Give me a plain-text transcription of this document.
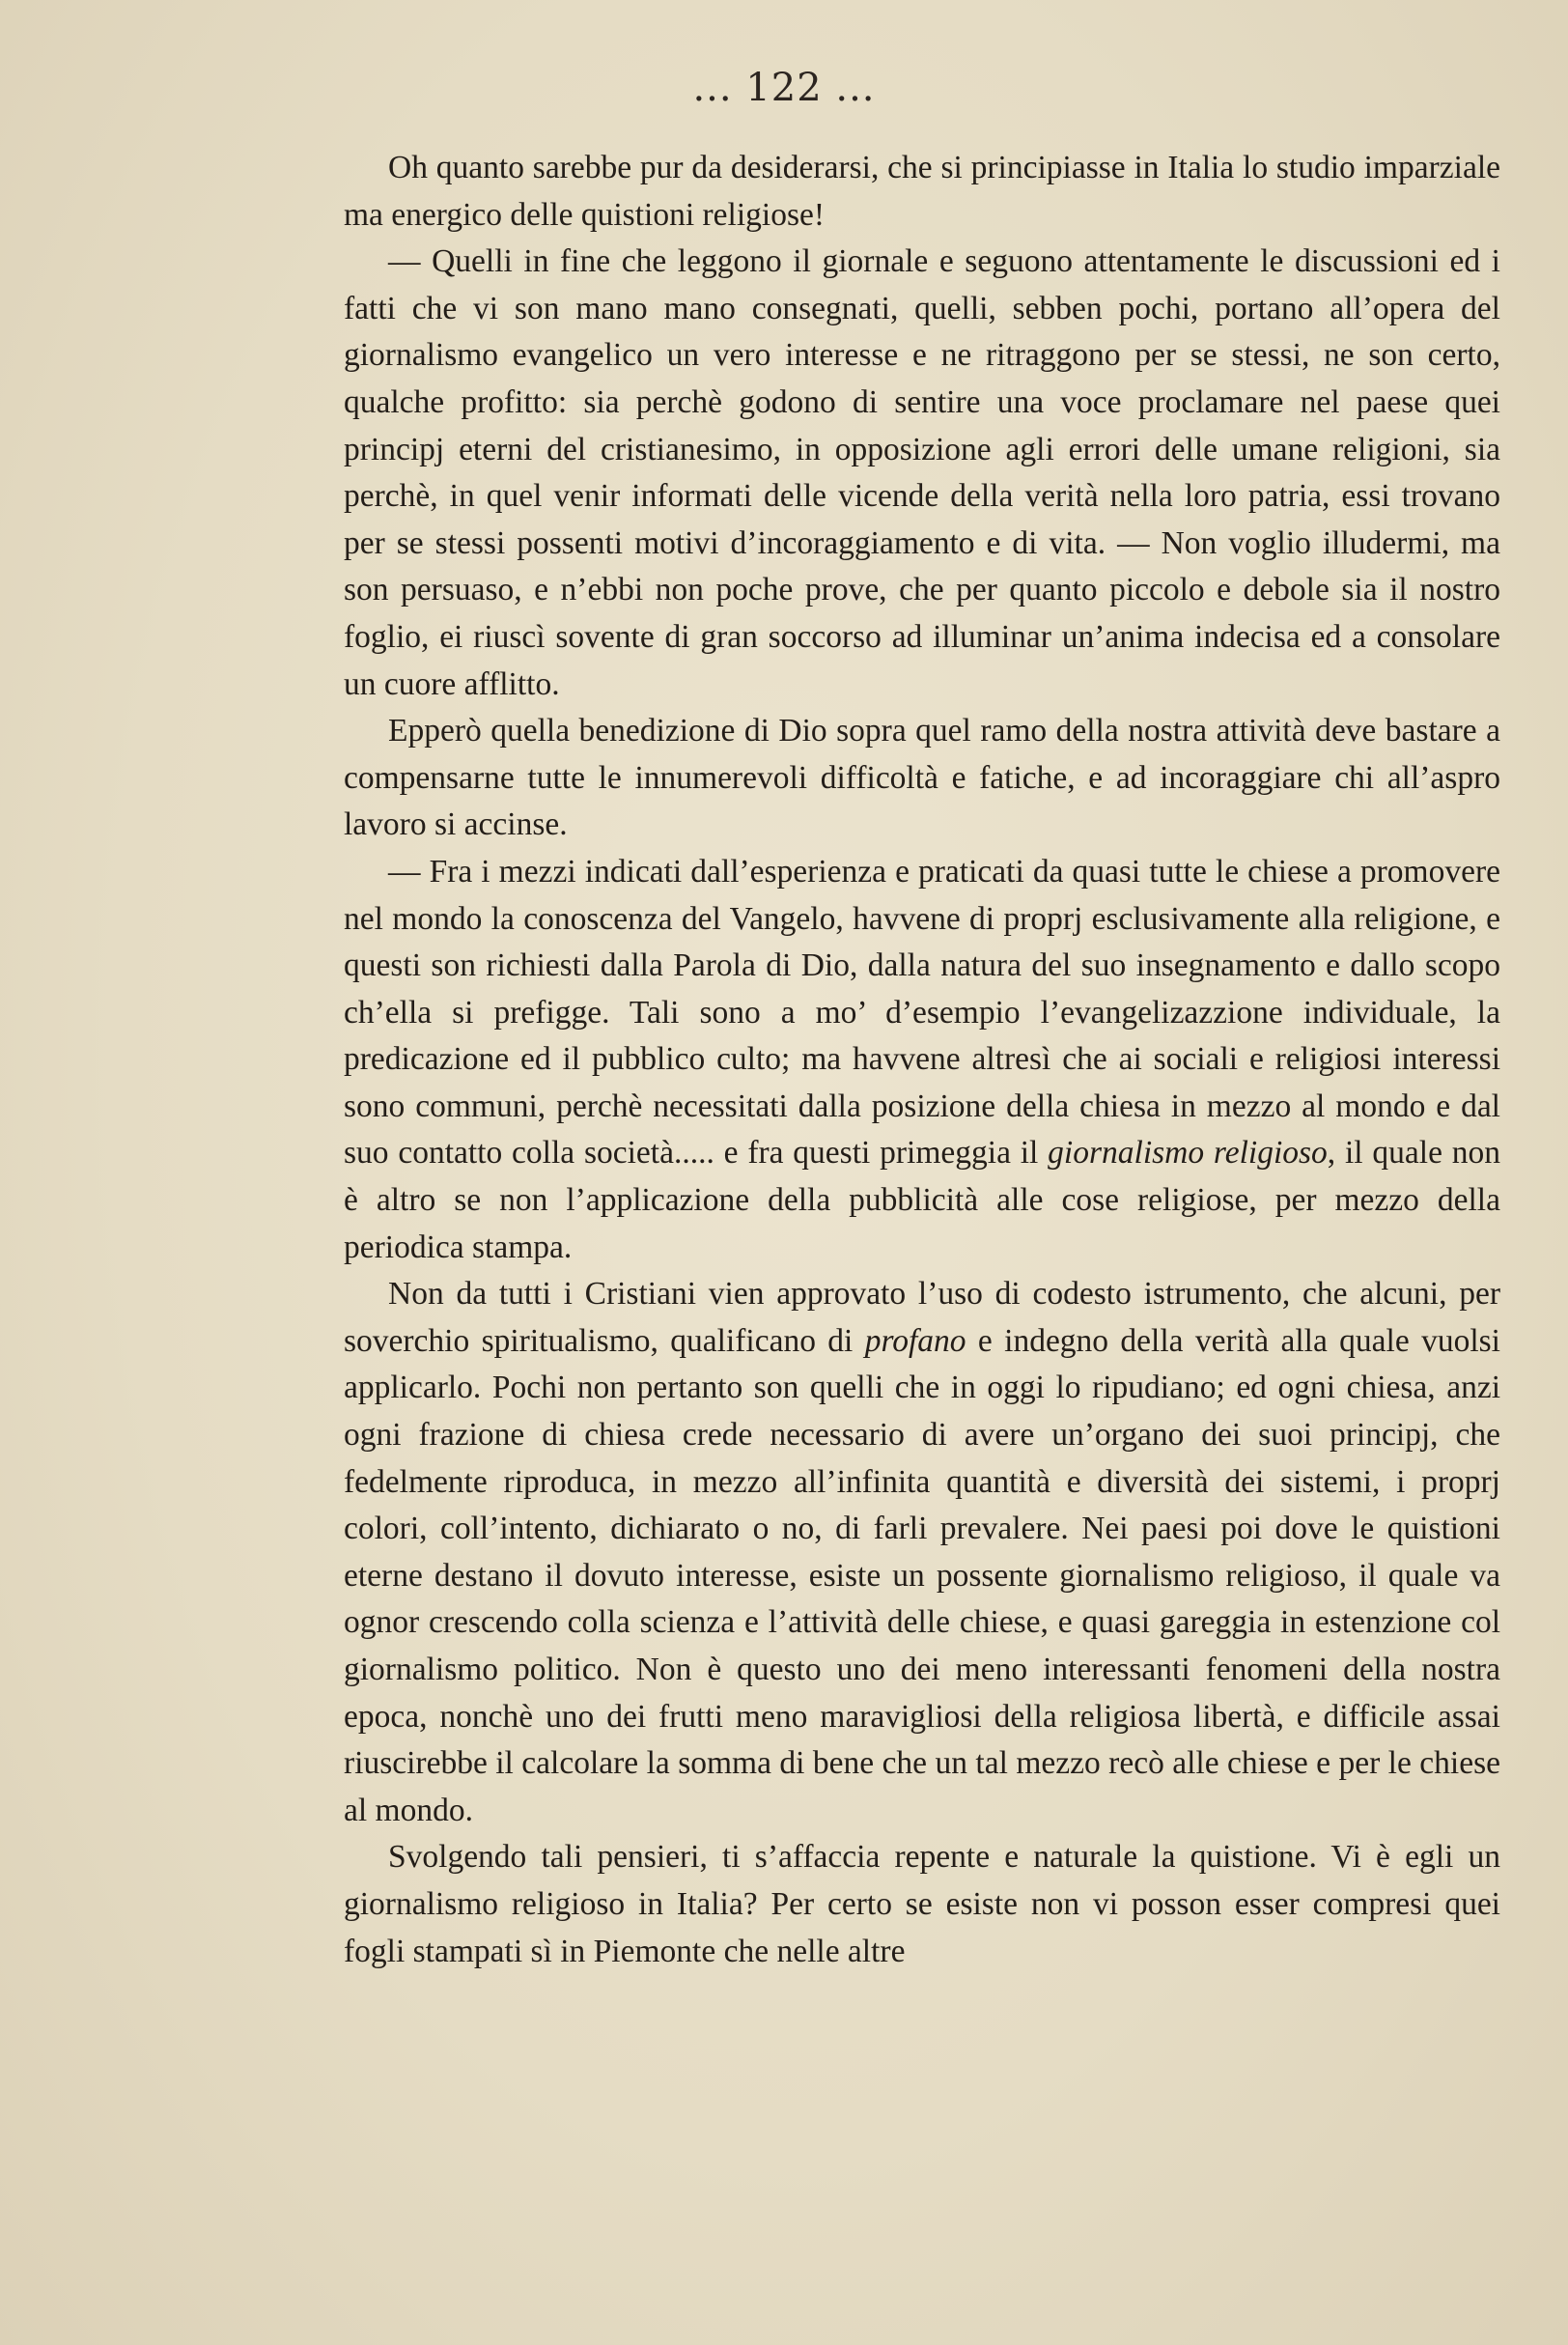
... 122 ...

Oh quanto sarebbe pur da desiderarsi, che si principiasse in Italia lo studio imparziale ma energico delle quistioni religiose!

— Quelli in fine che leggono il giornale e seguono attentamente le discussioni ed i fatti che vi son mano mano consegnati, quelli, sebben pochi, portano all’opera del giornalismo evangelico un vero interesse e ne ritraggono per se stessi, ne son certo, qualche profitto: sia perchè godono di sentire una voce proclamare nel paese quei principj eterni del cristianesimo, in opposizione agli errori delle umane religioni, sia perchè, in quel venir informati delle vicende della verità nella loro patria, essi trovano per se stessi possenti motivi d’incoraggiamento e di vita. — Non voglio illudermi, ma son persuaso, e n’ebbi non poche prove, che per quanto piccolo e debole sia il nostro foglio, ei riuscì sovente di gran soccorso ad illuminar un’anima indecisa ed a consolare un cuore afflitto.

Epperò quella benedizione di Dio sopra quel ramo della nostra attività deve bastare a compensarne tutte le innumerevoli difficoltà e fatiche, e ad incoraggiare chi all’aspro lavoro si accinse.

— Fra i mezzi indicati dall’esperienza e praticati da quasi tutte le chiese a promovere nel mondo la conoscenza del Vangelo, havvene di proprj esclusivamente alla religione, e questi son richiesti dalla Parola di Dio, dalla natura del suo insegnamento e dallo scopo ch’ella si prefigge. Tali sono a mo’ d’esempio l’evangelizazzione individuale, la predicazione ed il pubblico culto; ma havvene altresì che ai sociali e religiosi interessi sono communi, perchè necessitati dalla posizione della chiesa in mezzo al mondo e dal suo contatto colla società..... e fra questi primeggia il giornalismo religioso, il quale non è altro se non l’applicazione della pubblicità alle cose religiose, per mezzo della periodica stampa.

Non da tutti i Cristiani vien approvato l’uso di codesto istrumento, che alcuni, per soverchio spiritualismo, qualificano di profano e indegno della verità alla quale vuolsi applicarlo. Pochi non pertanto son quelli che in oggi lo ripudiano; ed ogni chiesa, anzi ogni frazione di chiesa crede necessario di avere un’organo dei suoi principj, che fedelmente riproduca, in mezzo all’infinita quantità e diversità dei sistemi, i proprj colori, coll’intento, dichiarato o no, di farli prevalere. Nei paesi poi dove le quistioni eterne destano il dovuto interesse, esiste un possente giornalismo religioso, il quale va ognor crescendo colla scienza e l’attività delle chiese, e quasi gareggia in estenzione col giornalismo politico. Non è questo uno dei meno interessanti fenomeni della nostra epoca, nonchè uno dei frutti meno maravigliosi della religiosa libertà, e difficile assai riuscirebbe il calcolare la somma di bene che un tal mezzo recò alle chiese e per le chiese al mondo.

Svolgendo tali pensieri, ti s’affaccia repente e naturale la quistione. Vi è egli un giornalismo religioso in Italia? Per certo se esiste non vi posson esser compresi quei fogli stampati sì in Piemonte che nelle altre
